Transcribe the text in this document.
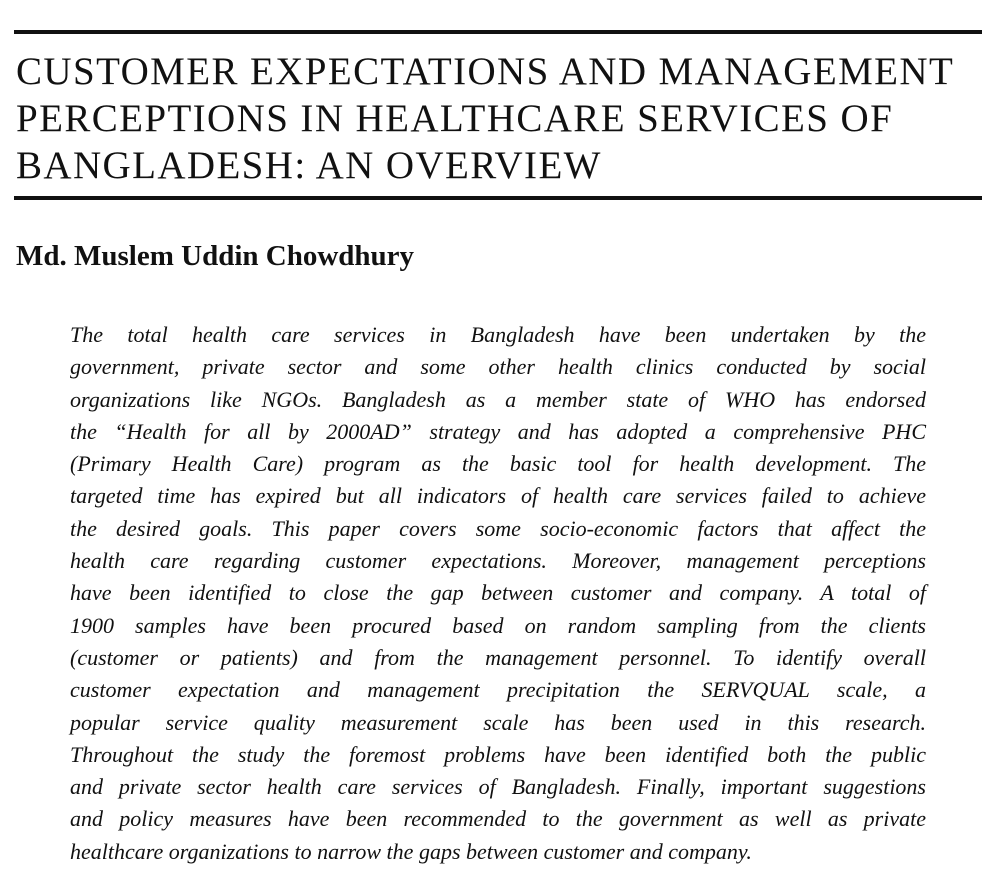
CUSTOMER EXPECTATIONS AND MANAGEMENT
PERCEPTIONS IN HEALTHCARE SERVICES OF
BANGLADESH: AN OVERVIEW

Md. Muslem Uddin Chowdhury

The total health care services in Bangladesh have been undertaken by the
government, private sector and some other health clinics conducted by social
organizations like NGOs. Bangladesh as a member state of WHO has endorsed
the “Health for all by 2000AD” strategy and has adopted a comprehensive PHC
(Primary Health Care) program as the basic tool for health development. The
targeted time has expired but all indicators of health care services failed to achieve
the desired goals. This paper covers some socio-economic factors that affect the
health care regarding customer expectations. Moreover, management perceptions
have been identified to close the gap between customer and company. A total of
1900 samples have been procured based on random sampling from the clients
(customer or patients) and from the management personnel. To identify overall
customer expectation and management precipitation the SERVQUAL scale, a
popular service quality measurement scale has been used in this research.
Throughout the study the foremost problems have been identified both the public
and private sector health care services of Bangladesh. Finally, important suggestions
and policy measures have been recommended to the government as well as private
healthcare organizations to narrow the gaps between customer and company.
